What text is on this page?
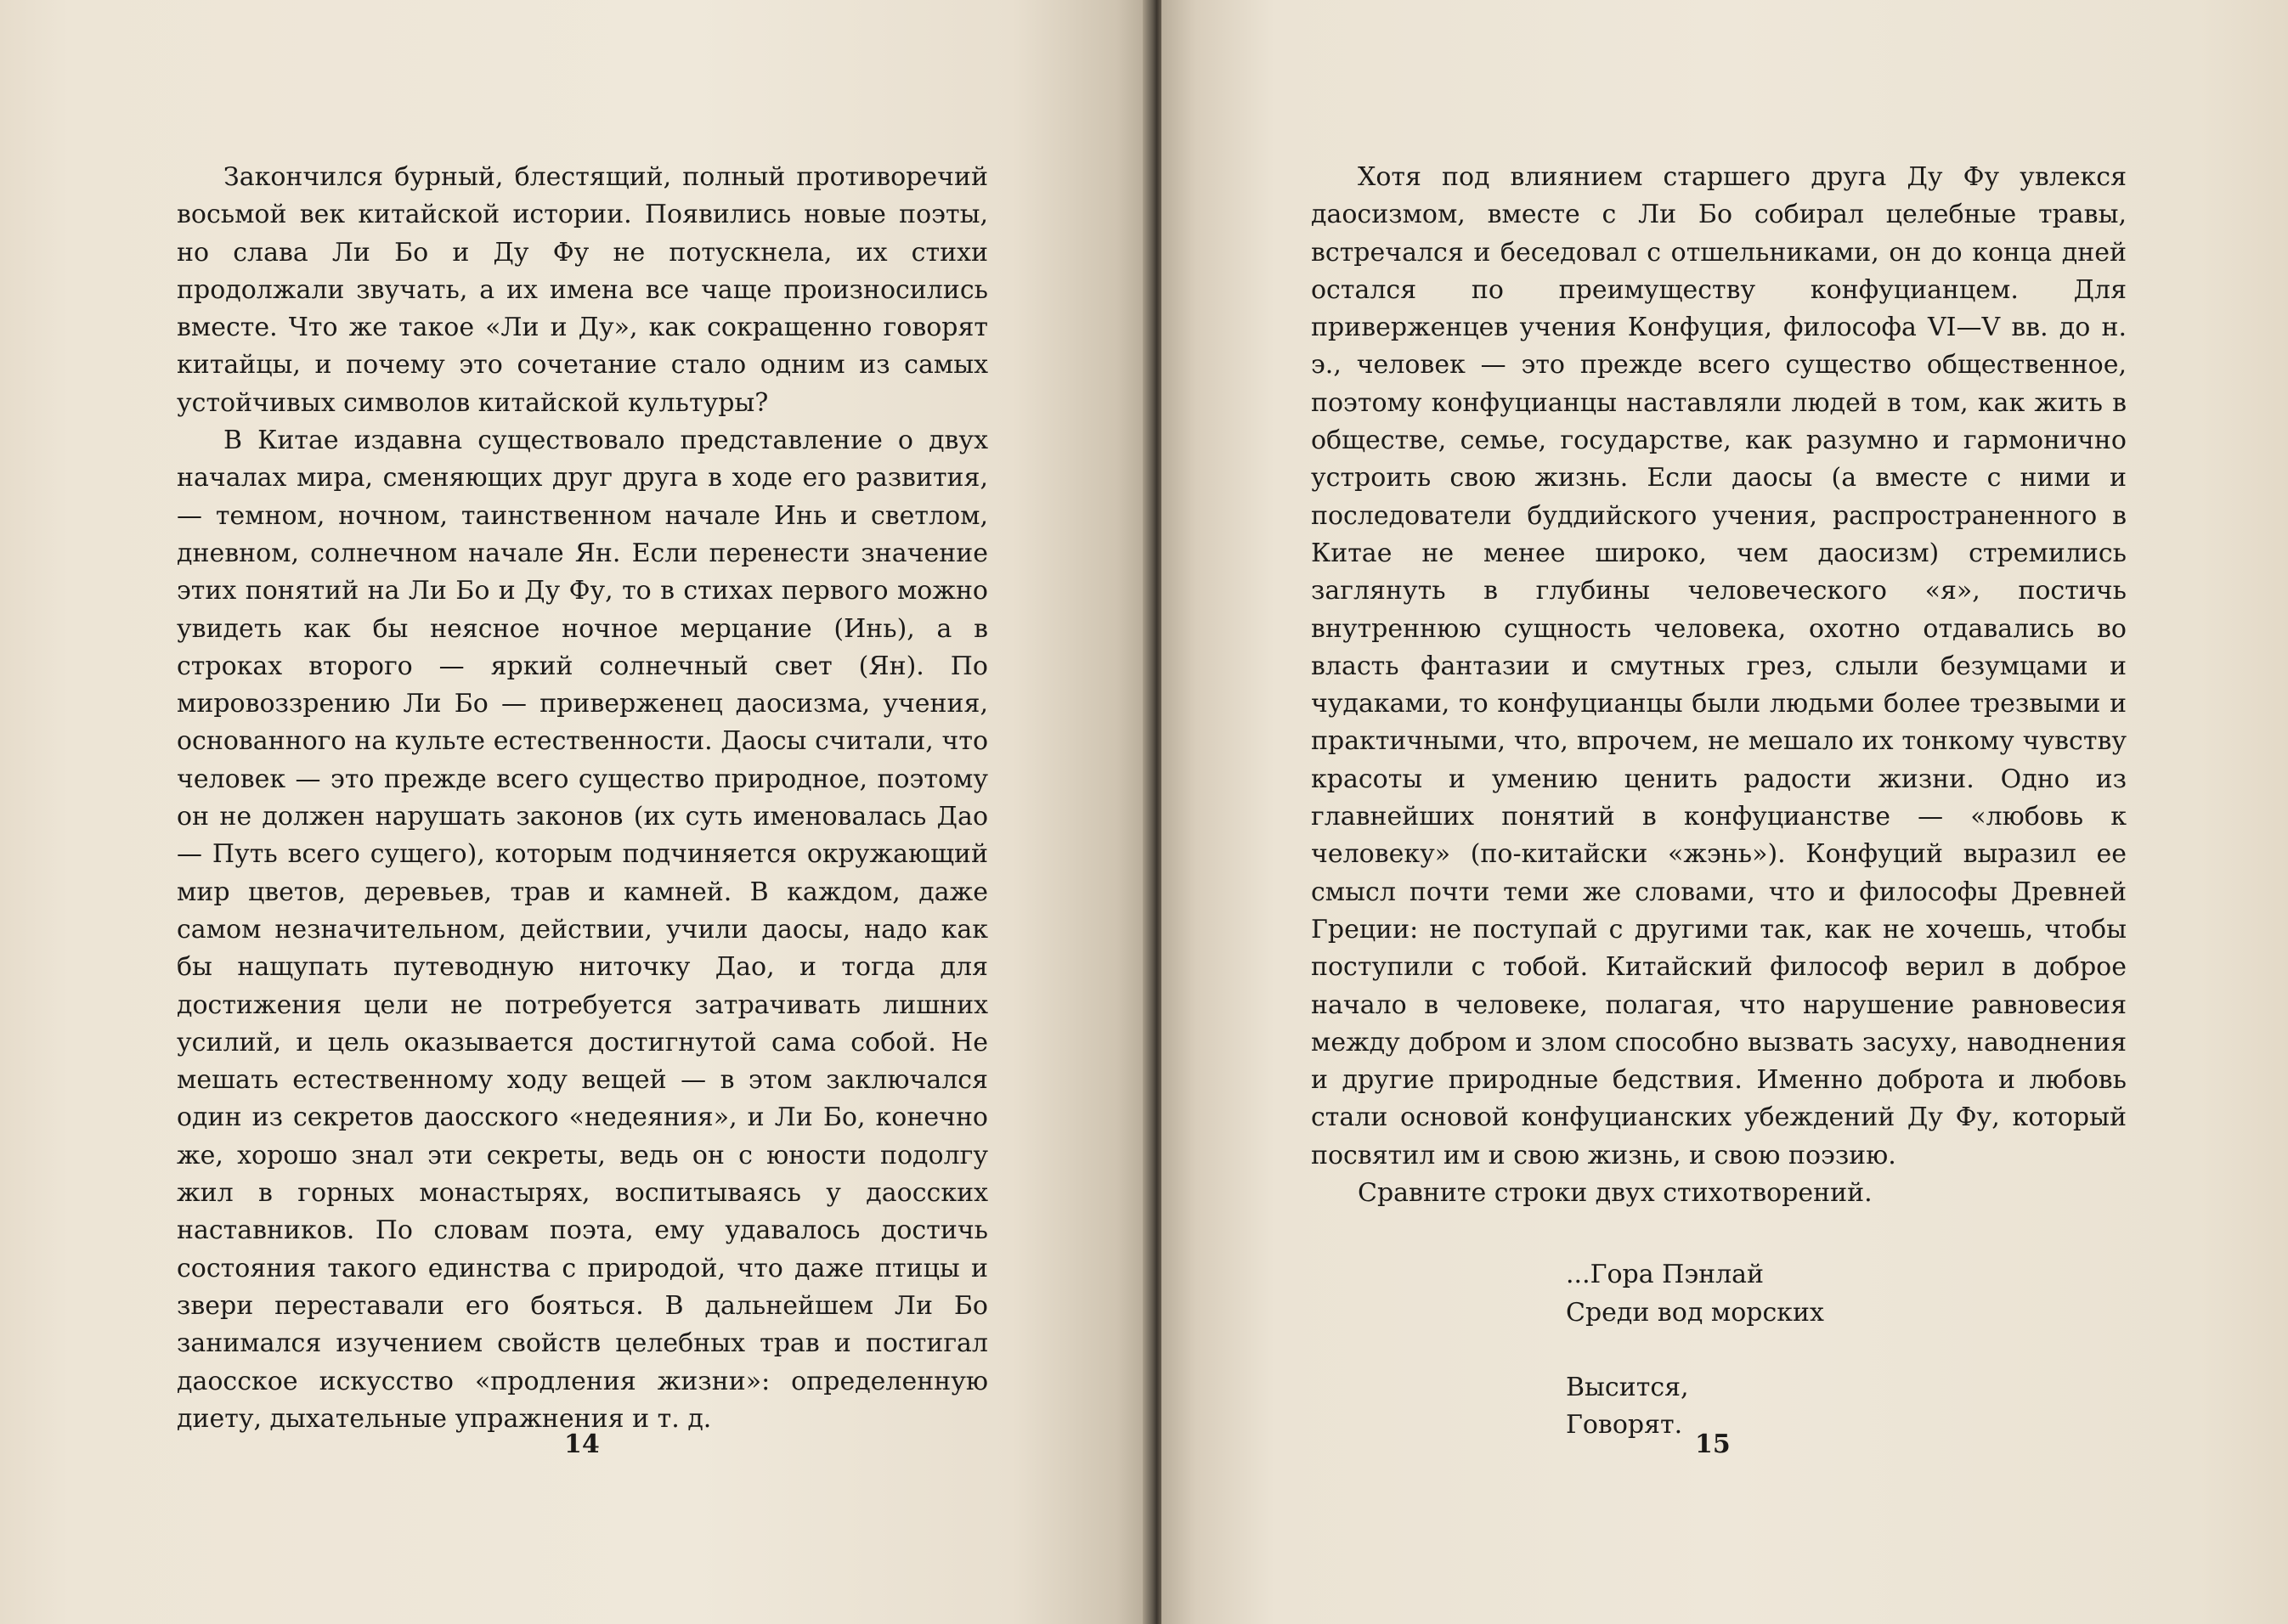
Закончился бурный, блестящий, полный противоречий восьмой век китайской истории. Появились новые поэты, но слава Ли Бо и Ду Фу не потускнела, их стихи продолжали звучать, а их имена все чаще произносились вместе. Что же такое «Ли и Ду», как сокращенно говорят китайцы, и почему это сочетание стало одним из самых устойчивых символов китайской культуры?

В Китае издавна существовало представление о двух началах мира, сменяющих друг друга в ходе его развития, — темном, ночном, таинственном начале Инь и светлом, дневном, солнечном начале Ян. Если перенести значение этих понятий на Ли Бо и Ду Фу, то в стихах первого можно увидеть как бы неясное ночное мерцание (Инь), а в строках второго — яркий солнечный свет (Ян). По мировоззрению Ли Бо — приверженец даосизма, учения, основанного на культе естественности. Даосы считали, что человек — это прежде всего существо природное, поэтому он не должен нарушать законов (их суть именовалась Дао — Путь всего сущего), которым подчиняется окружающий мир цветов, деревьев, трав и камней. В каждом, даже самом незначительном, действии, учили даосы, надо как бы нащупать путеводную ниточку Дао, и тогда для достижения цели не потребуется затрачивать лишних усилий, и цель оказывается достигнутой сама собой. Не мешать естественному ходу вещей — в этом заключался один из секретов даосского «недеяния», и Ли Бо, конечно же, хорошо знал эти секреты, ведь он с юности подолгу жил в горных монастырях, воспитываясь у даосских наставников. По словам поэта, ему удавалось достичь состояния такого единства с природой, что даже птицы и звери переставали его бояться. В дальнейшем Ли Бо занимался изучением свойств целебных трав и постигал даосское искусство «продления жизни»: определенную диету, дыхательные упражнения и т. д.

14

Хотя под влиянием старшего друга Ду Фу увлекся даосизмом, вместе с Ли Бо собирал целебные травы, встречался и беседовал с отшельниками, он до конца дней остался по преимуществу конфуцианцем. Для приверженцев учения Конфуция, философа VI—V вв. до н. э., человек — это прежде всего существо общественное, поэтому конфуцианцы наставляли людей в том, как жить в обществе, семье, государстве, как разумно и гармонично устроить свою жизнь. Если даосы (а вместе с ними и последователи буддийского учения, распространенного в Китае не менее широко, чем даосизм) стремились заглянуть в глубины человеческого «я», постичь внутреннюю сущность человека, охотно отдавались во власть фантазии и смутных грез, слыли безумцами и чудаками, то конфуцианцы были людьми более трезвыми и практичными, что, впрочем, не мешало их тонкому чувству красоты и умению ценить радости жизни. Одно из главнейших понятий в конфуцианстве — «любовь к человеку» (по-китайски «жэнь»). Конфуций выразил ее смысл почти теми же словами, что и философы Древней Греции: не поступай с другими так, как не хочешь, чтобы поступили с тобой. Китайский философ верил в доброе начало в человеке, полагая, что нарушение равновесия между добром и злом способно вызвать засуху, наводнения и другие природные бедствия. Именно доброта и любовь стали основой конфуцианских убеждений Ду Фу, который посвятил им и свою жизнь, и свою поэзию.

Сравните строки двух стихотворений.

...Гора Пэнлай
Среди вод морских
Высится,
Говорят.
15
